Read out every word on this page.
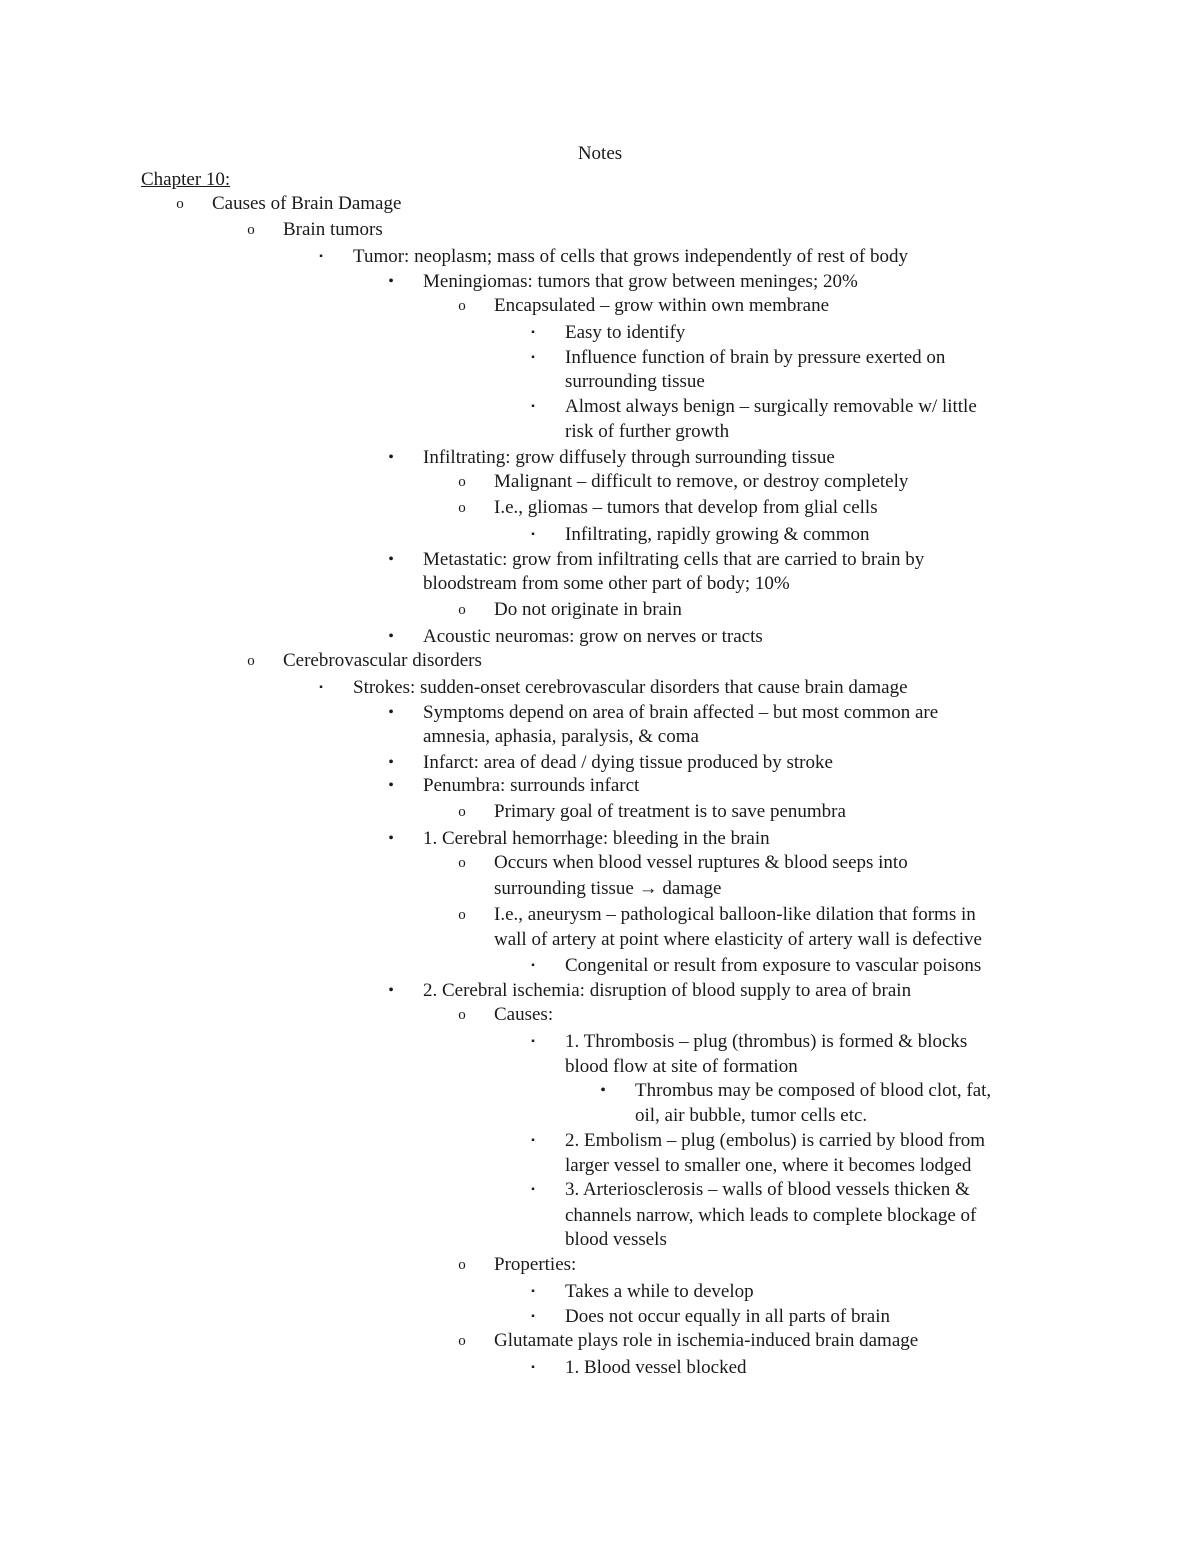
Notes
Chapter 10:
Causes of Brain Damage
o
Brain tumors
o
Tumor: neoplasm; mass of cells that grows independently of rest of body
▪
Meningiomas: tumors that grow between meninges; 20%
•
Encapsulated – grow within own membrane
o
Easy to identify
▪
Influence function of brain by pressure exerted on
▪
surrounding tissue
Almost always benign – surgically removable w/ little
▪
risk of further growth
Infiltrating: grow diffusely through surrounding tissue
•
Malignant – difficult to remove, or destroy completely
o
I.e., gliomas – tumors that develop from glial cells
o
Infiltrating, rapidly growing & common
▪
Metastatic: grow from infiltrating cells that are carried to brain by
•
bloodstream from some other part of body; 10%
Do not originate in brain
o
Acoustic neuromas: grow on nerves or tracts
•
Cerebrovascular disorders
o
Strokes: sudden-onset cerebrovascular disorders that cause brain damage
▪
Symptoms depend on area of brain affected – but most common are
•
amnesia, aphasia, paralysis, & coma
Infarct: area of dead / dying tissue produced by stroke
•
Penumbra: surrounds infarct
•
Primary goal of treatment is to save penumbra
o
1. Cerebral hemorrhage: bleeding in the brain
•
Occurs when blood vessel ruptures & blood seeps into
o
surrounding tissue → damage
I.e., aneurysm – pathological balloon-like dilation that forms in
o
wall of artery at point where elasticity of artery wall is defective
Congenital or result from exposure to vascular poisons
▪
2. Cerebral ischemia: disruption of blood supply to area of brain
•
Causes:
o
1. Thrombosis – plug (thrombus) is formed & blocks
▪
blood flow at site of formation
Thrombus may be composed of blood clot, fat,
•
oil, air bubble, tumor cells etc.
2. Embolism – plug (embolus) is carried by blood from
▪
larger vessel to smaller one, where it becomes lodged
3. Arteriosclerosis – walls of blood vessels thicken &
▪
channels narrow, which leads to complete blockage of
blood vessels
Properties:
o
Takes a while to develop
▪
Does not occur equally in all parts of brain
▪
Glutamate plays role in ischemia-induced brain damage
o
1. Blood vessel blocked
▪
